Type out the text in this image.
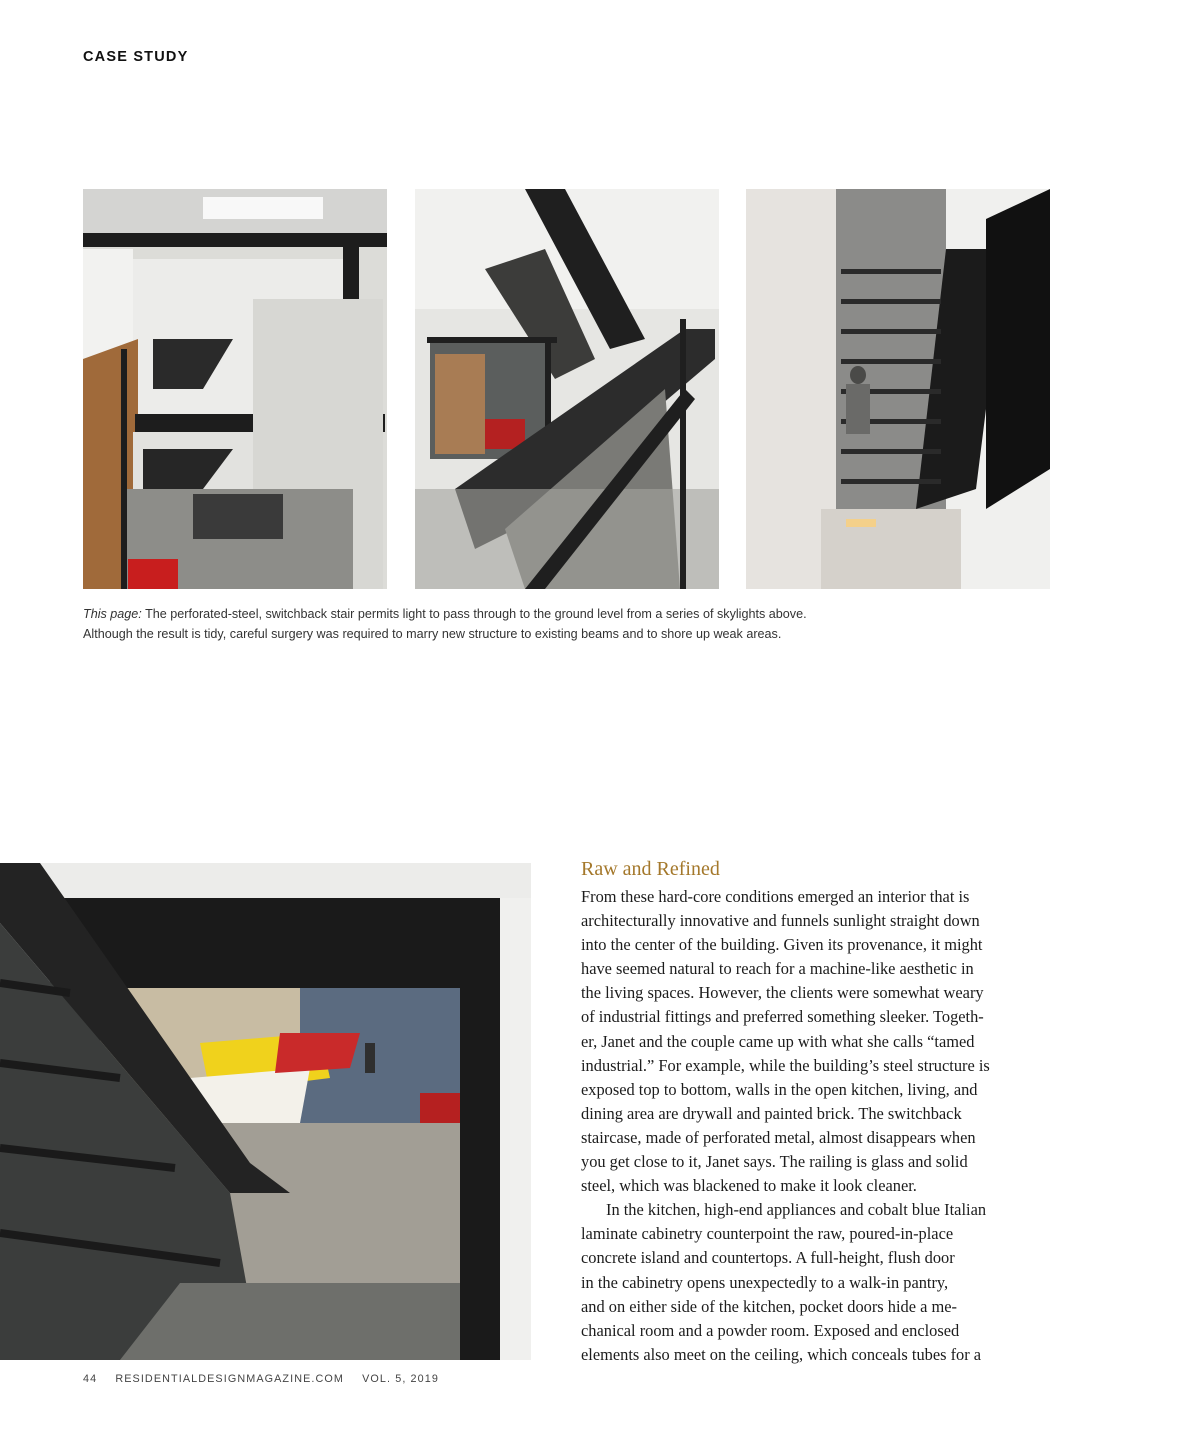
CASE STUDY
This page: The perforated-steel, switchback stair permits light to pass through to the ground level from a series of skylights above.
Although the result is tidy, careful surgery was required to marry new structure to existing beams and to shore up weak areas.
Raw and Refined
From these hard-core conditions emerged an interior that is
architecturally innovative and funnels sunlight straight down
into the center of the building. Given its provenance, it might
have seemed natural to reach for a machine-like aesthetic in
the living spaces. However, the clients were somewhat weary
of industrial fittings and preferred something sleeker. Togeth-
er, Janet and the couple came up with what she calls “tamed
industrial.” For example, while the building’s steel structure is
exposed top to bottom, walls in the open kitchen, living, and
dining area are drywall and painted brick. The switchback
staircase, made of perforated metal, almost disappears when
you get close to it, Janet says. The railing is glass and solid
steel, which was blackened to make it look cleaner.
In the kitchen, high-end appliances and cobalt blue Italian
laminate cabinetry counterpoint the raw, poured-in-place
concrete island and countertops. A full-height, flush door
in the cabinetry opens unexpectedly to a walk-in pantry,
and on either side of the kitchen, pocket doors hide a me-
chanical room and a powder room. Exposed and enclosed
elements also meet on the ceiling, which conceals tubes for a
44 RESIDENTIALDESIGNMAGAZINE.COM VOL. 5, 2019
